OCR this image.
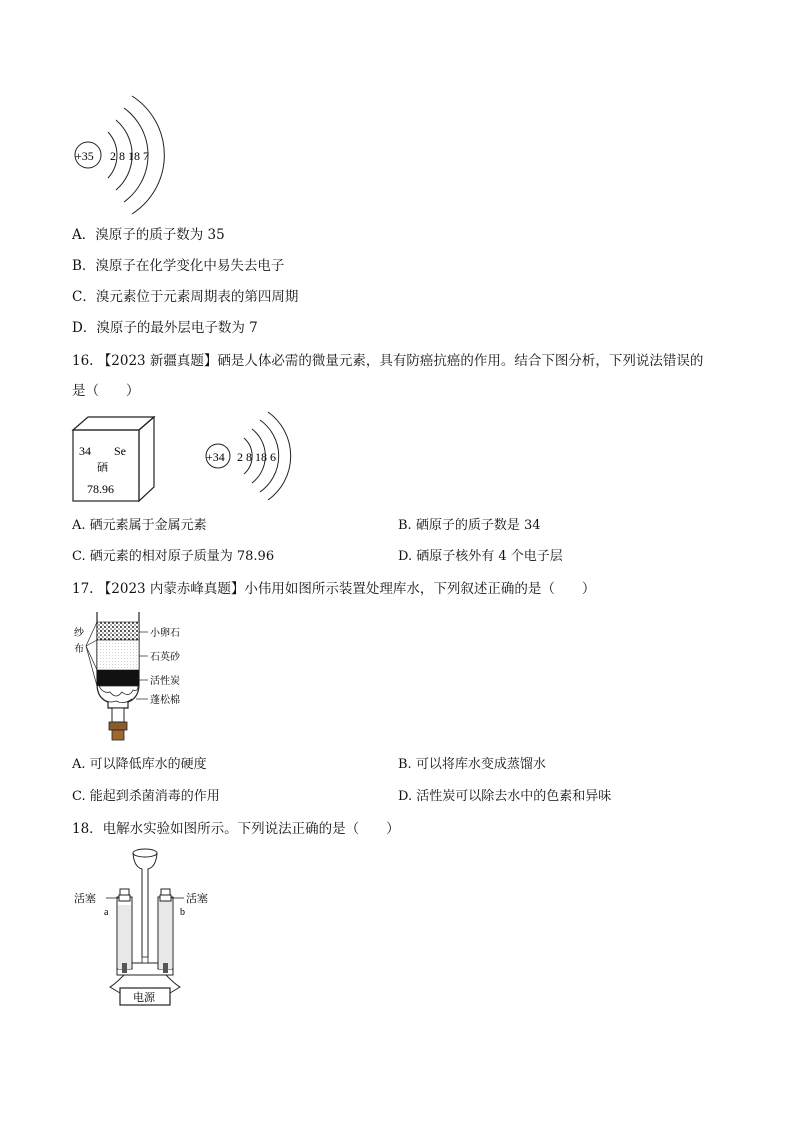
+35 2 8 18 7
A．溴原子的质子数为 35
B．溴原子在化学变化中易失去电子
C．溴元素位于元素周期表的第四周期
D．溴原子的最外层电子数为 7
16. 【2023 新疆真题】硒是人体必需的微量元素，具有防癌抗癌的作用。结合下图分析，下列说法错误的
是（　　）
34 Se
硒
78.96
+34 2 8 18 6
A. 硒元素属于金属元素	B. 硒原子的质子数是 34
C. 硒元素的相对原子质量为 78.96	D. 硒原子核外有 4 个电子层
17. 【2023 内蒙赤峰真题】小伟用如图所示装置处理库水，下列叙述正确的是（　　）
纱
布
小卵石
石英砂
活性炭
蓬松棉
A. 可以降低库水的硬度	B. 可以将库水变成蒸馏水
C. 能起到杀菌消毒的作用	D. 活性炭可以除去水中的色素和异味
18．电解水实验如图所示。下列说法正确的是（　　）
活塞	活塞
a	b
电源
